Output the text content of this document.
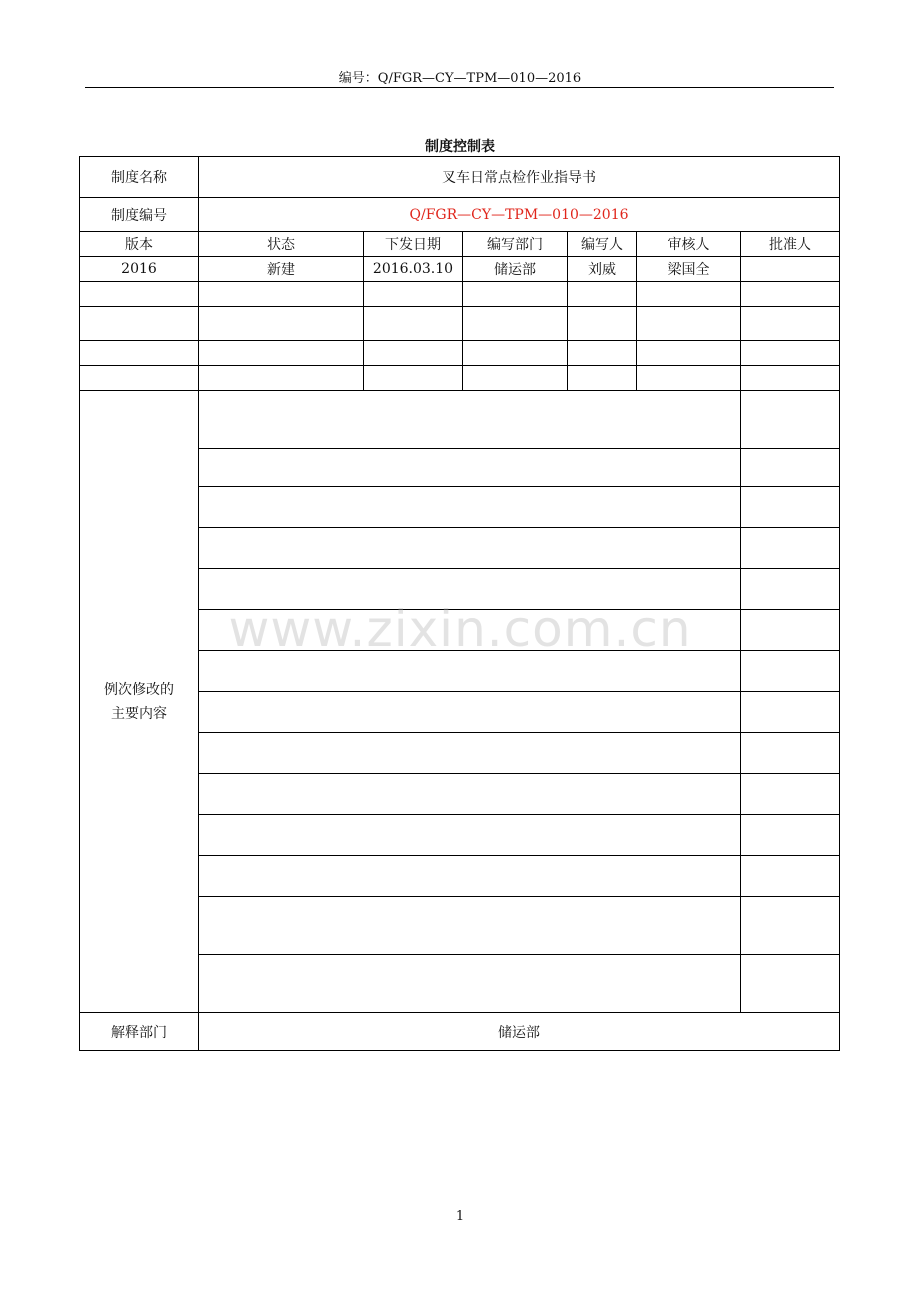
编号：Q/FGR—CY—TPM—010—2016
制度控制表
制度名称	叉车日常点检作业指导书					
制度编号	Q/FGR—CY—TPM—010—2016					
版本	状态	下发日期	编写部门	编写人	审核人	批准人
2016	新建	2016.03.10	储运部	刘威	梁国全	

例次修改的
主要内容						

解释部门	储运部					
www.zixin.com.cn
1
